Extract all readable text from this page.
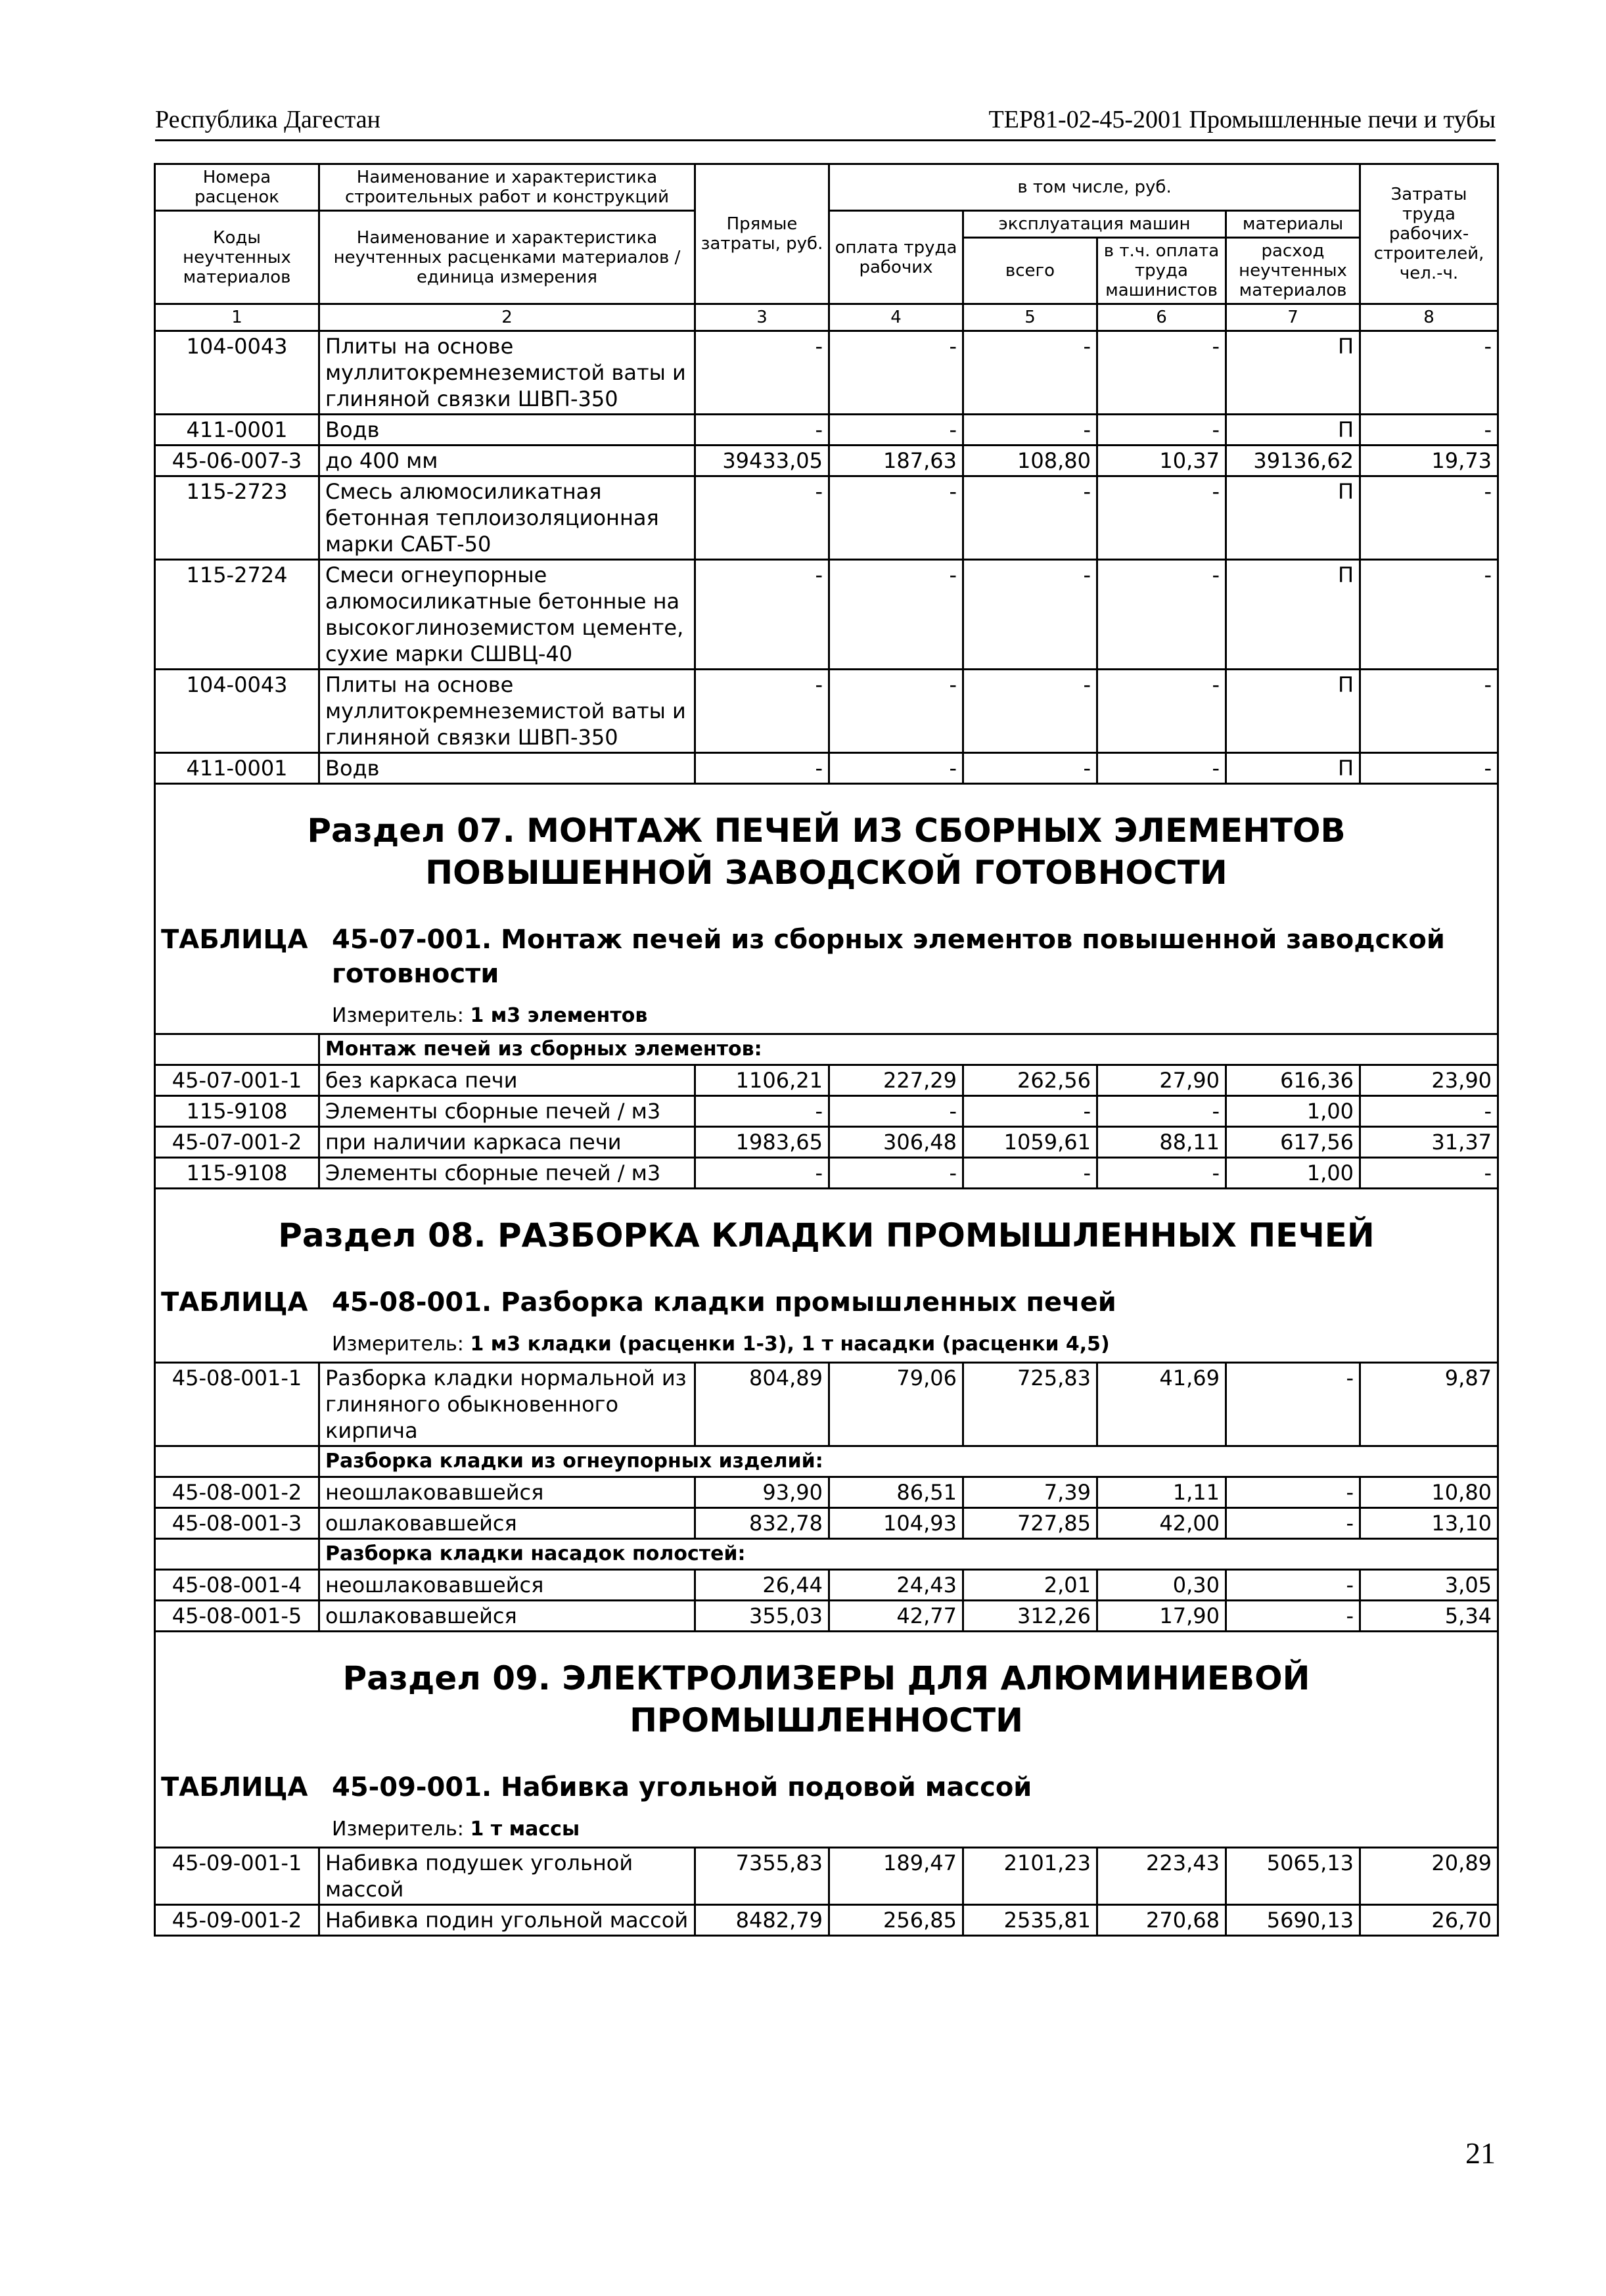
Республика Дагестан	ТЕР81-02-45-2001 Промышленные печи и тубы
Номера расценок	Наименование и характеристика строительных работ и конструкций	Прямые затраты, руб.	в том числе, руб.				Затраты труда рабочих-строителей, чел.-ч.
Коды неучтенных материалов	Наименование и характеристика неучтенных расценками материалов / единица измерения		оплата труда рабочих	эксплуатация машин		материалы	
				всего	в т.ч. оплата труда машинистов	расход неучтенных материалов	
1	2	3	4	5	6	7	8
104-0043	Плиты на основе муллитокремнеземистой ваты и глиняной связки ШВП-350	-	-	-	-	П	-
411-0001	Водв	-	-	-	-	П	-
45-06-007-3	до 400 мм	39433,05	187,63	108,80	10,37	39136,62	19,73
115-2723	Смесь алюмосиликатная бетонная теплоизоляционная марки САБТ-50	-	-	-	-	П	-
115-2724	Смеси огнеупорные алюмосиликатные бетонные на высокоглиноземистом цементе, сухие марки СШВЦ-40	-	-	-	-	П	-
104-0043	Плиты на основе муллитокремнеземистой ваты и глиняной связки ШВП-350	-	-	-	-	П	-
411-0001	Водв	-	-	-	-	П	-

Раздел 07. МОНТАЖ ПЕЧЕЙ ИЗ СБОРНЫХ ЭЛЕМЕНТОВ ПОВЫШЕННОЙ ЗАВОДСКОЙ ГОТОВНОСТИ							

ТАБЛИЦА 45-07-001. Монтаж печей из сборных элементов повышенной заводской готовности
Измеритель: 1 м3 элементов							

	Монтаж печей из сборных элементов:						
45-07-001-1	без каркаса печи	1106,21	227,29	262,56	27,90	616,36	23,90
115-9108	Элементы сборные печей / м3	-	-	-	-	1,00	-
45-07-001-2	при наличии каркаса печи	1983,65	306,48	1059,61	88,11	617,56	31,37
115-9108	Элементы сборные печей / м3	-	-	-	-	1,00	-

Раздел 08. РАЗБОРКА КЛАДКИ ПРОМЫШЛЕННЫХ ПЕЧЕЙ							

ТАБЛИЦА 45-08-001. Разборка кладки промышленных печей
Измеритель: 1 м3 кладки (расценки 1-3), 1 т насадки (расценки 4,5)							

45-08-001-1	Разборка кладки нормальной из глиняного обыкновенного кирпича	804,89	79,06	725,83	41,69	-	9,87
	Разборка кладки из огнеупорных изделий:						
45-08-001-2	неошлаковавшейся	93,90	86,51	7,39	1,11	-	10,80
45-08-001-3	ошлаковавшейся	832,78	104,93	727,85	42,00	-	13,10
	Разборка кладки насадок полостей:						
45-08-001-4	неошлаковавшейся	26,44	24,43	2,01	0,30	-	3,05
45-08-001-5	ошлаковавшейся	355,03	42,77	312,26	17,90	-	5,34

Раздел 09. ЭЛЕКТРОЛИЗЕРЫ ДЛЯ АЛЮМИНИЕВОЙ ПРОМЫШЛЕННОСТИ							

ТАБЛИЦА 45-09-001. Набивка угольной подовой массой
Измеритель: 1 т массы							

45-09-001-1	Набивка подушек угольной массой	7355,83	189,47	2101,23	223,43	5065,13	20,89
45-09-001-2	Набивка подин угольной массой	8482,79	256,85	2535,81	270,68	5690,13	26,70
21
